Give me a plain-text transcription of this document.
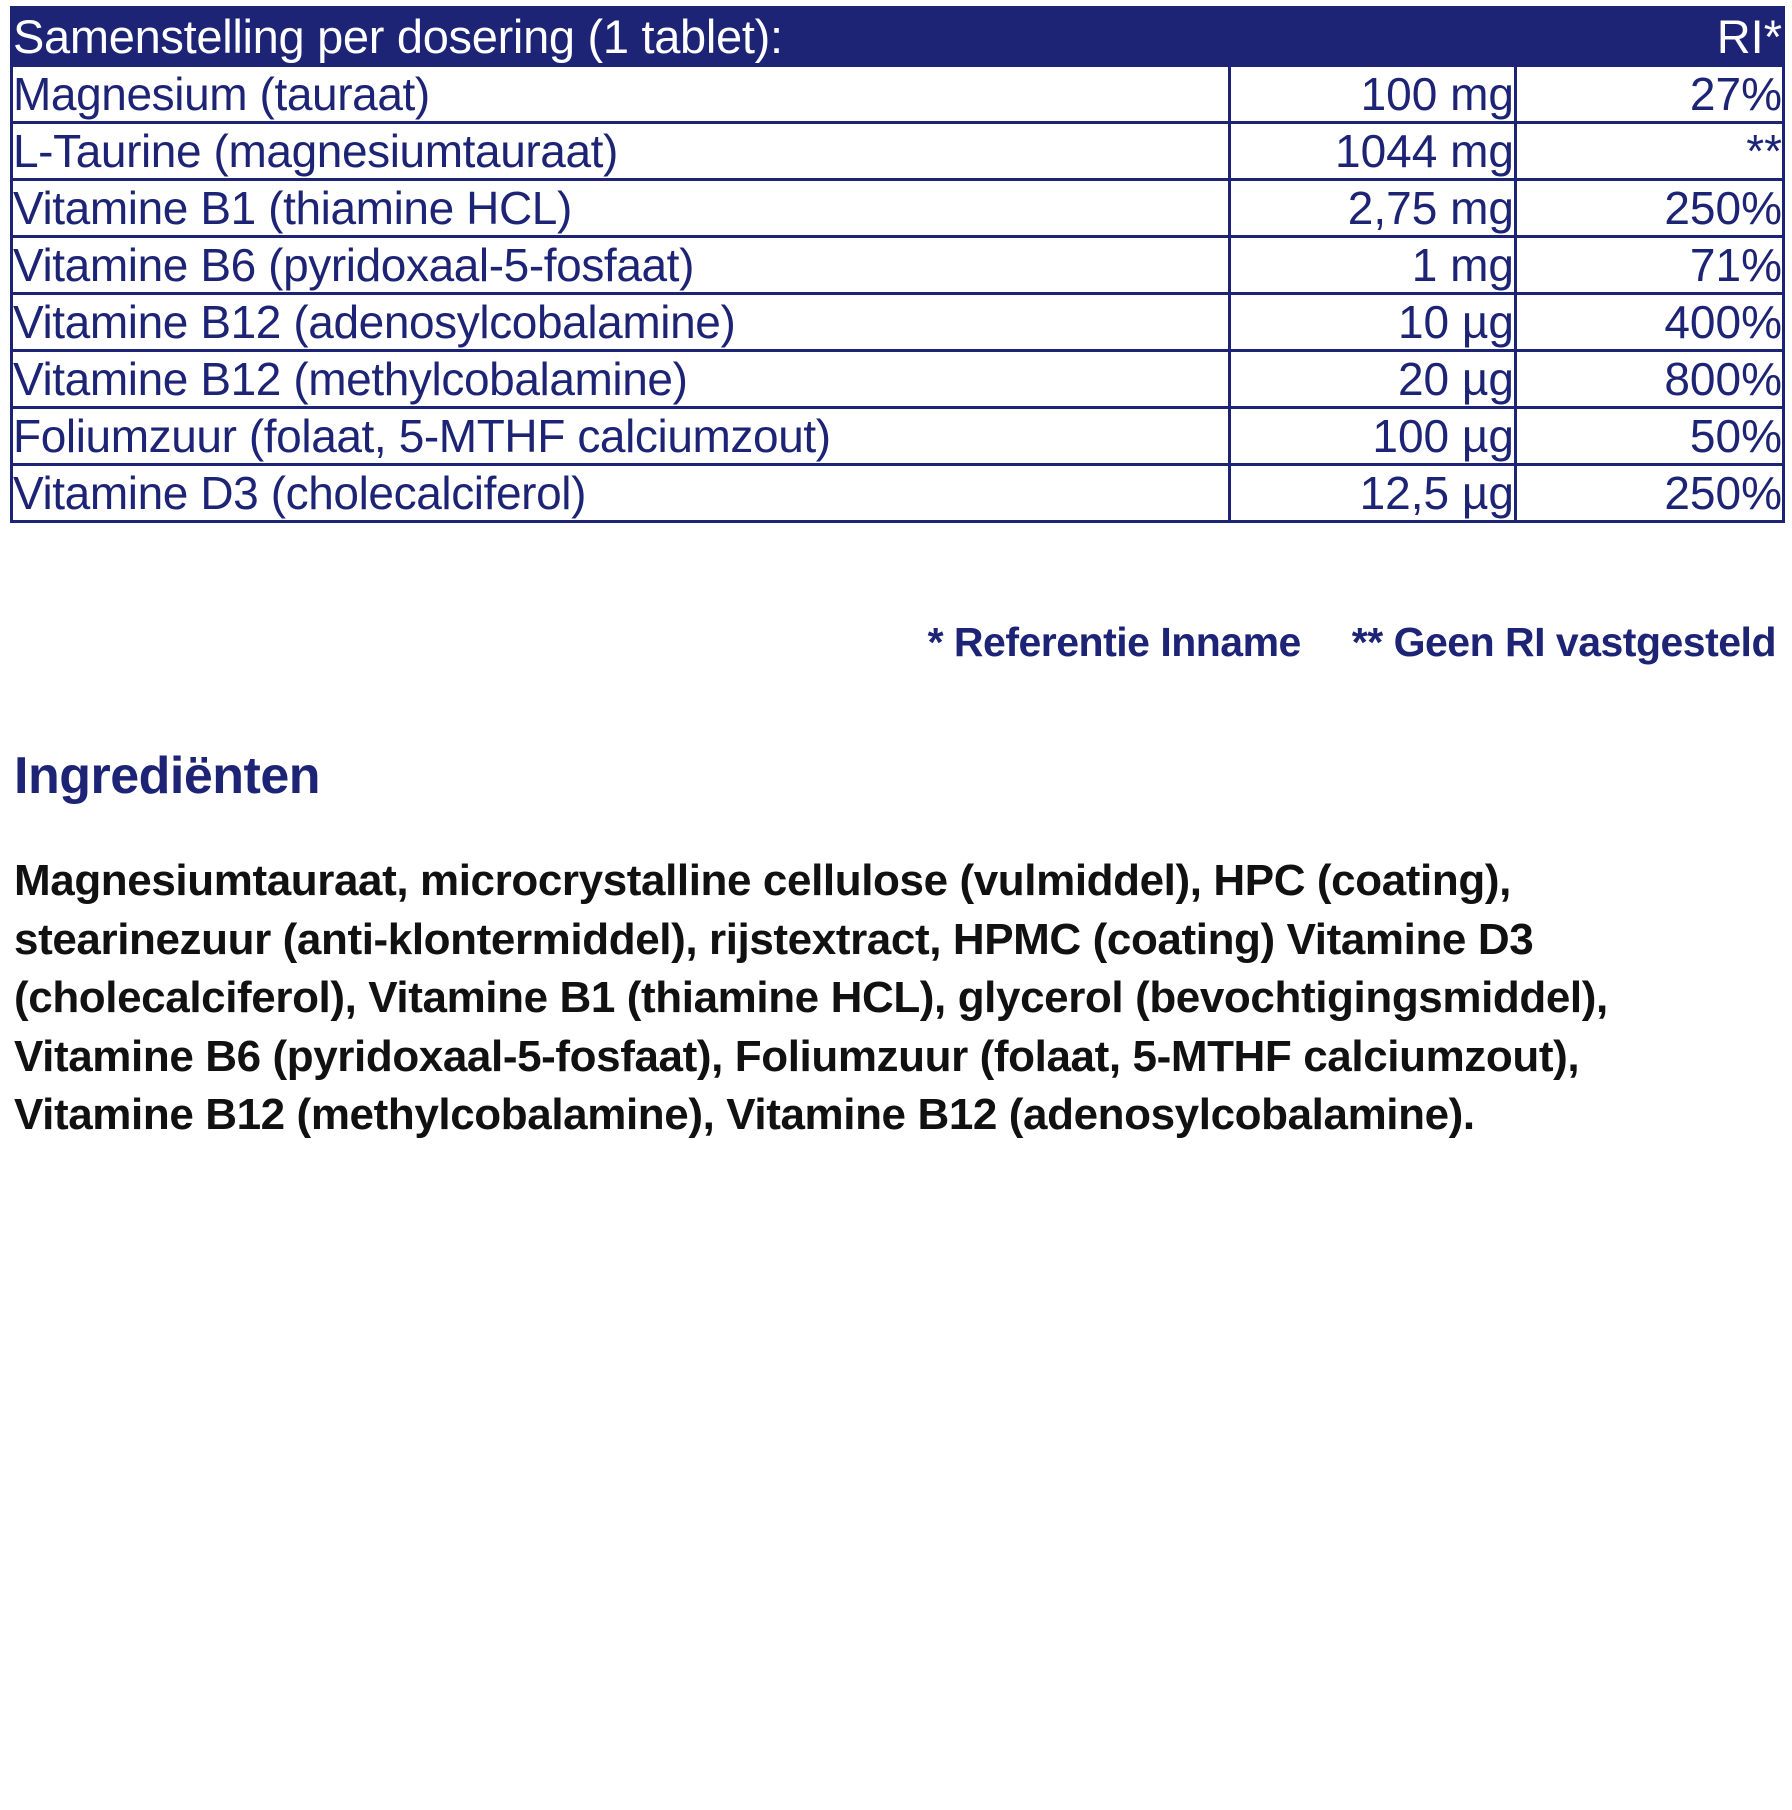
Samenstelling per dosering (1 tablet):		RI*
Magnesium (tauraat)	100 mg	27%
L-Taurine (magnesiumtauraat)	1044 mg	**
Vitamine B1 (thiamine HCL)	2,75 mg	250%
Vitamine B6 (pyridoxaal-5-fosfaat)	1 mg	71%
Vitamine B12 (adenosylcobalamine)	10 µg	400%
Vitamine B12 (methylcobalamine)	20 µg	800%
Foliumzuur (folaat, 5-MTHF calciumzout)	100 µg	50%
Vitamine D3 (cholecalciferol)	12,5 µg	250%
* Referentie Inname ** Geen RI vastgesteld
Ingrediënten
Magnesiumtauraat, microcrystalline cellulose (vulmiddel), HPC (coating), stearinezuur (anti-klontermiddel), rijstextract, HPMC (coating) Vitamine D3 (cholecalciferol), Vitamine B1 (thiamine HCL), glycerol (bevochtigingsmiddel), Vitamine B6 (pyridoxaal-5-fosfaat), Foliumzuur (folaat, 5-MTHF calciumzout), Vitamine B12 (methylcobalamine), Vitamine B12 (adenosylcobalamine).
